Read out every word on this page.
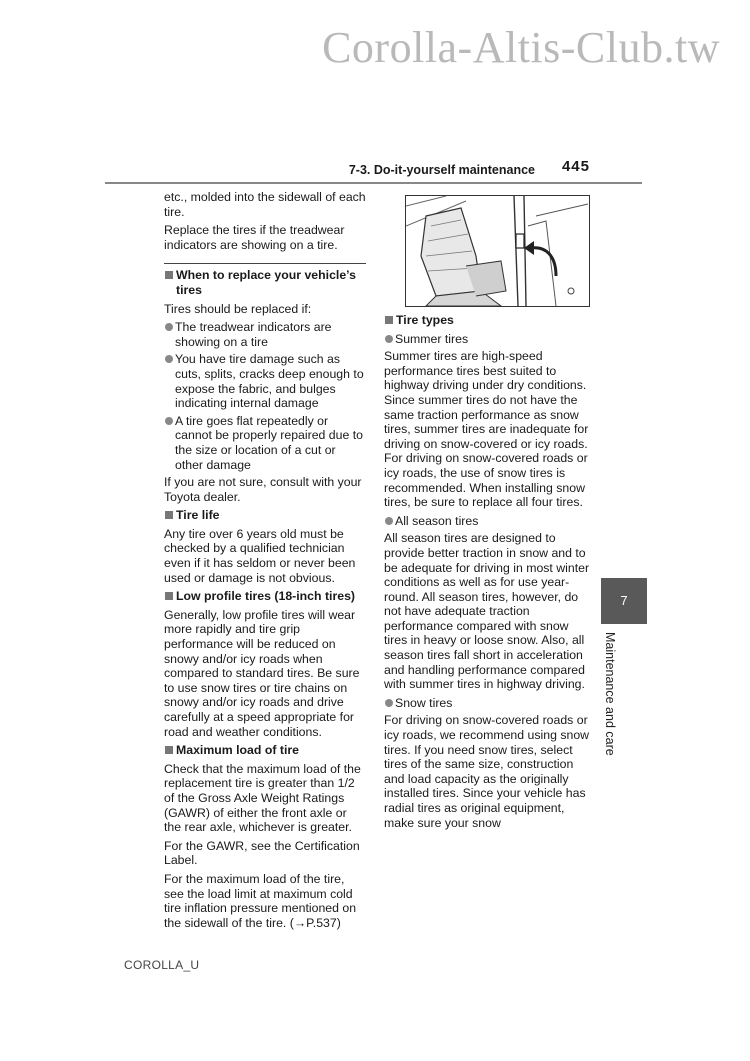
Corolla-Altis-Club.tw
7-3. Do-it-yourself maintenance 445

etc., molded into the sidewall of each tire.

Replace the tires if the treadwear indicators are showing on a tire.

When to replace your vehicle’s tires

Tires should be replaced if:

The treadwear indicators are showing on a tire
You have tire damage such as cuts, splits, cracks deep enough to expose the fabric, and bulges indicating internal damage
A tire goes flat repeatedly or cannot be properly repaired due to the size or location of a cut or other damage

If you are not sure, consult with your Toyota dealer.

Tire life

Any tire over 6 years old must be checked by a qualified technician even if it has seldom or never been used or damage is not obvious.

Low profile tires (18-inch tires)

Generally, low profile tires will wear more rapidly and tire grip performance will be reduced on snowy and/or icy roads when compared to standard tires. Be sure to use snow tires or tire chains on snowy and/or icy roads and drive carefully at a speed appropriate for road and weather conditions.

Maximum load of tire

Check that the maximum load of the replacement tire is greater than 1/2 of the Gross Axle Weight Ratings (GAWR) of either the front axle or the rear axle, whichever is greater.

For the GAWR, see the Certification Label.

For the maximum load of the tire, see the load limit at maximum cold tire inflation pressure mentioned on the sidewall of the tire. (→P.537)

Tire types
Summer tires

Summer tires are high-speed performance tires best suited to highway driving under dry conditions. Since summer tires do not have the same traction performance as snow tires, summer tires are inadequate for driving on snow-covered or icy roads. For driving on snow-covered roads or icy roads, the use of snow tires is recommended. When installing snow tires, be sure to replace all four tires.

All season tires

All season tires are designed to provide better traction in snow and to be adequate for driving in most winter conditions as well as for use year-round. All season tires, however, do not have adequate traction performance compared with snow tires in heavy or loose snow. Also, all season tires fall short in acceleration and handling performance compared with summer tires in highway driving.

Snow tires

For driving on snow-covered roads or icy roads, we recommend using snow tires. If you need snow tires, select tires of the same size, construction and load capacity as the originally installed tires. Since your vehicle has radial tires as original equipment, make sure your snow

7
Maintenance and care
COROLLA_U
